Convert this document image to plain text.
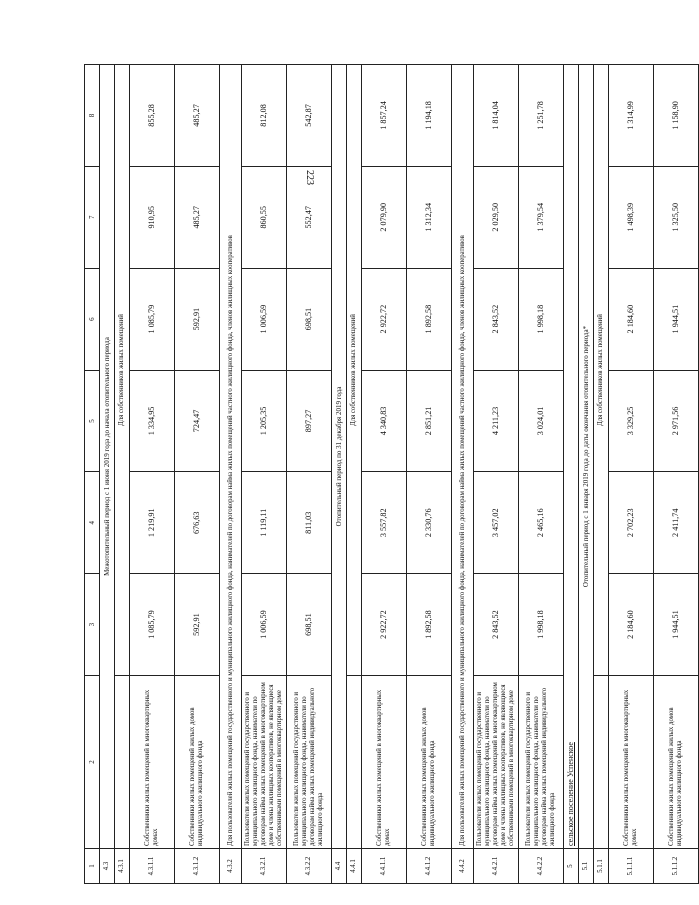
223
1	2	3	4	5	6	7	8
4.3	Межотопительный период с 1 июня 2019 года до начала отопительного периода						
4.3.1		Для собственников жилых помещений					
4.3.1.1	Собственники жилых помещений в многоквартирных домах	1 085,79	1 219,91	1 334,95	1 085,79	910,95	855,28
4.3.1.2	Собственники жилых помещений жилых домов индивидуального жилищного фонда	592,91	676,63	724,47	592,91	485,27	485,27
4.3.2	Для пользователей жилых помещений государственного и муниципального жилищного фонда, нанимателей по договорам найма жилых помещений частного жилищного фонда, членов жилищных кооперативов						
4.3.2.1	Пользователи жилых помещений государственного и муниципального жилищного фонда, наниматели по договорам найма жилых помещений в многоквартирном доме и члены жилищных кооперативов, не являющиеся собственниками помещений в многоквартирном доме	1 006,59	1 119,11	1 205,35	1 006,59	860,55	812,08
4.3.2.2	Пользователи жилых помещений государственного и муниципального жилищного фонда, наниматели по договорам найма жилых помещений индивидуального жилищного фонда	698,51	811,03	897,27	698,51	552,47	542,87
4.4	Отопительный период по 31 декабря 2019 года						
4.4.1		Для собственников жилых помещений					
4.4.1.1	Собственники жилых помещений в многоквартирных домах	2 922,72	3 557,82	4 340,83	2 922,72	2 079,90	1 857,24
4.4.1.2	Собственники жилых помещений жилых домов индивидуального жилищного фонда	1 892,58	2 330,76	2 851,21	1 892,58	1 312,34	1 194,18
4.4.2	Для пользователей жилых помещений государственного и муниципального жилищного фонда, нанимателей по договорам найма жилых помещений частного жилищного фонда, членов жилищных кооперативов						
4.4.2.1	Пользователи жилых помещений государственного и муниципального жилищного фонда, наниматели по договорам найма жилых помещений в многоквартирном доме и члены жилищных кооперативов, не являющиеся собственниками помещений в многоквартирном доме	2 843,52	3 457,02	4 211,23	2 843,52	2 029,50	1 814,04
4.4.2.2	Пользователи жилых помещений государственного и муниципального жилищного фонда, наниматели по договорам найма жилых помещений индивидуального жилищного фонда	1 998,18	2 465,16	3 024,01	1 998,18	1 379,54	1 251,78
5	сельское поселение Успенское						
5.1	Отопительный период с 1 января 2019 года до даты окончания отопительного периода*						
5.1.1		Для собственников жилых помещений					
5.1.1.1	Собственники жилых помещений в многоквартирных домах	2 184,60	2 702,23	3 329,25	2 184,60	1 498,39	1 314,99
5.1.1.2	Собственники жилых помещений жилых домов индивидуального жилищного фонда	1 944,51	2 411,74	2 971,56	1 944,51	1 325,50	1 158,90
